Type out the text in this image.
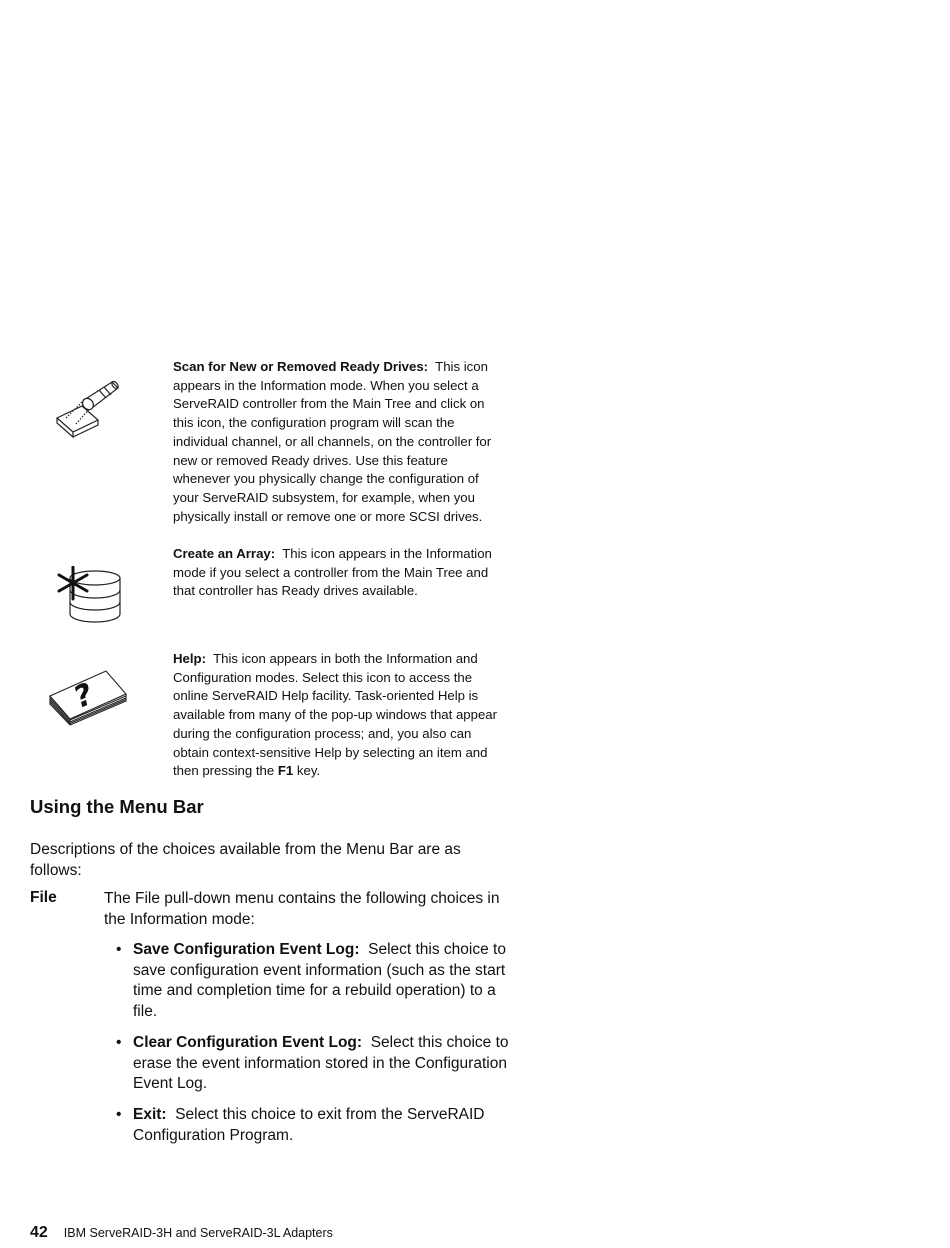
Scan for New or Removed Ready Drives: This icon
appears in the Information mode. When you select a
ServeRAID controller from the Main Tree and click on
this icon, the configuration program will scan the
individual channel, or all channels, on the controller for
new or removed Ready drives. Use this feature
whenever you physically change the configuration of
your ServeRAID subsystem, for example, when you
physically install or remove one or more SCSI drives.
Create an Array: This icon appears in the Information
mode if you select a controller from the Main Tree and
that controller has Ready drives available.
?
Help: This icon appears in both the Information and
Configuration modes. Select this icon to access the
online ServeRAID Help facility. Task-oriented Help is
available from many of the pop-up windows that appear
during the configuration process; and, you also can
obtain context-sensitive Help by selecting an item and
then pressing the F1 key.
Using the Menu Bar
Descriptions of the choices available from the Menu Bar are as
follows:
File	The File pull-down menu contains the following choices in
the Information mode:
• Save Configuration Event Log: Select this choice to
save configuration event information (such as the start
time and completion time for a rebuild operation) to a
file.
• Clear Configuration Event Log: Select this choice to
erase the event information stored in the Configuration
Event Log.
• Exit: Select this choice to exit from the ServeRAID
Configuration Program.
42 IBM ServeRAID-3H and ServeRAID-3L Adapters
